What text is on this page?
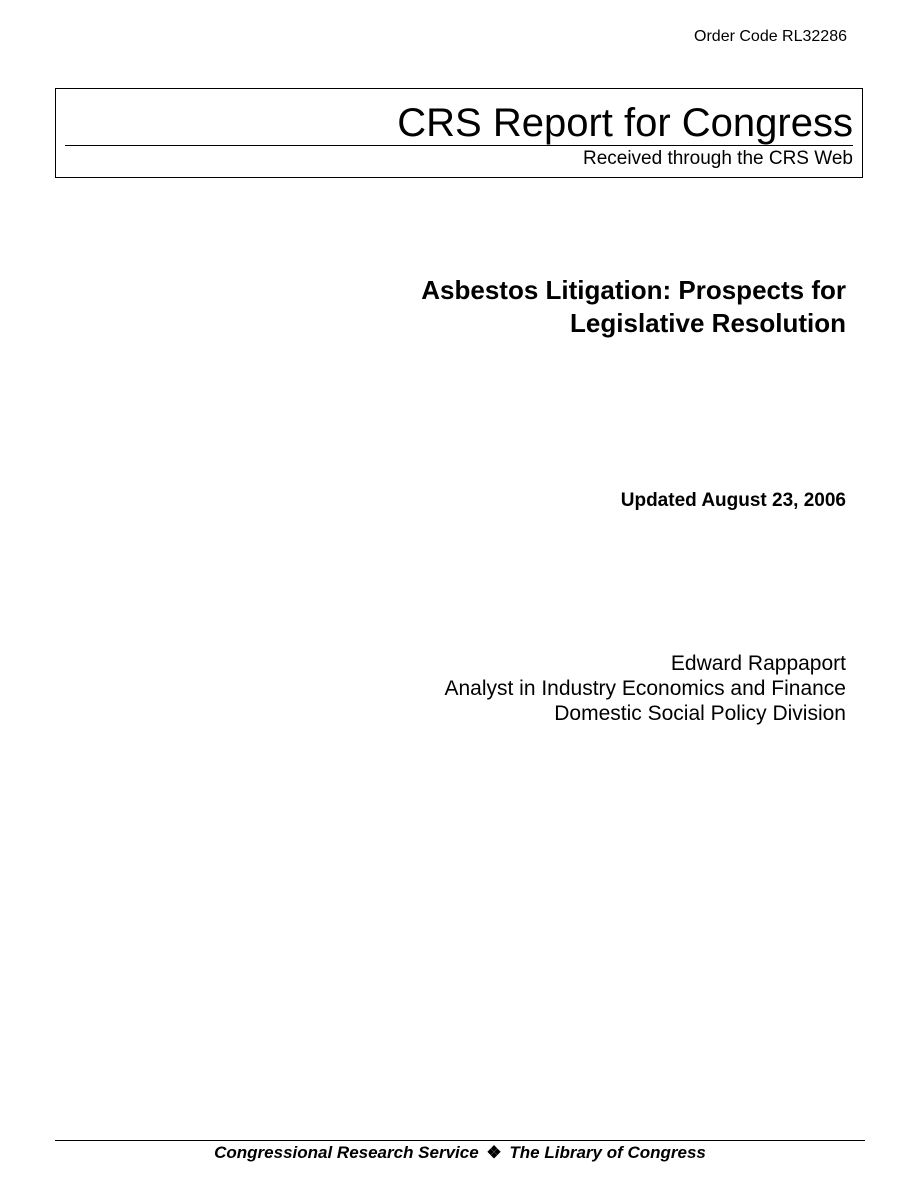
Order Code RL32286
CRS Report for Congress
Received through the CRS Web
Asbestos Litigation: Prospects for
Legislative Resolution
Updated August 23, 2006
Edward Rappaport
Analyst in Industry Economics and Finance
Domestic Social Policy Division
Congressional Research Service ❖ The Library of Congress
